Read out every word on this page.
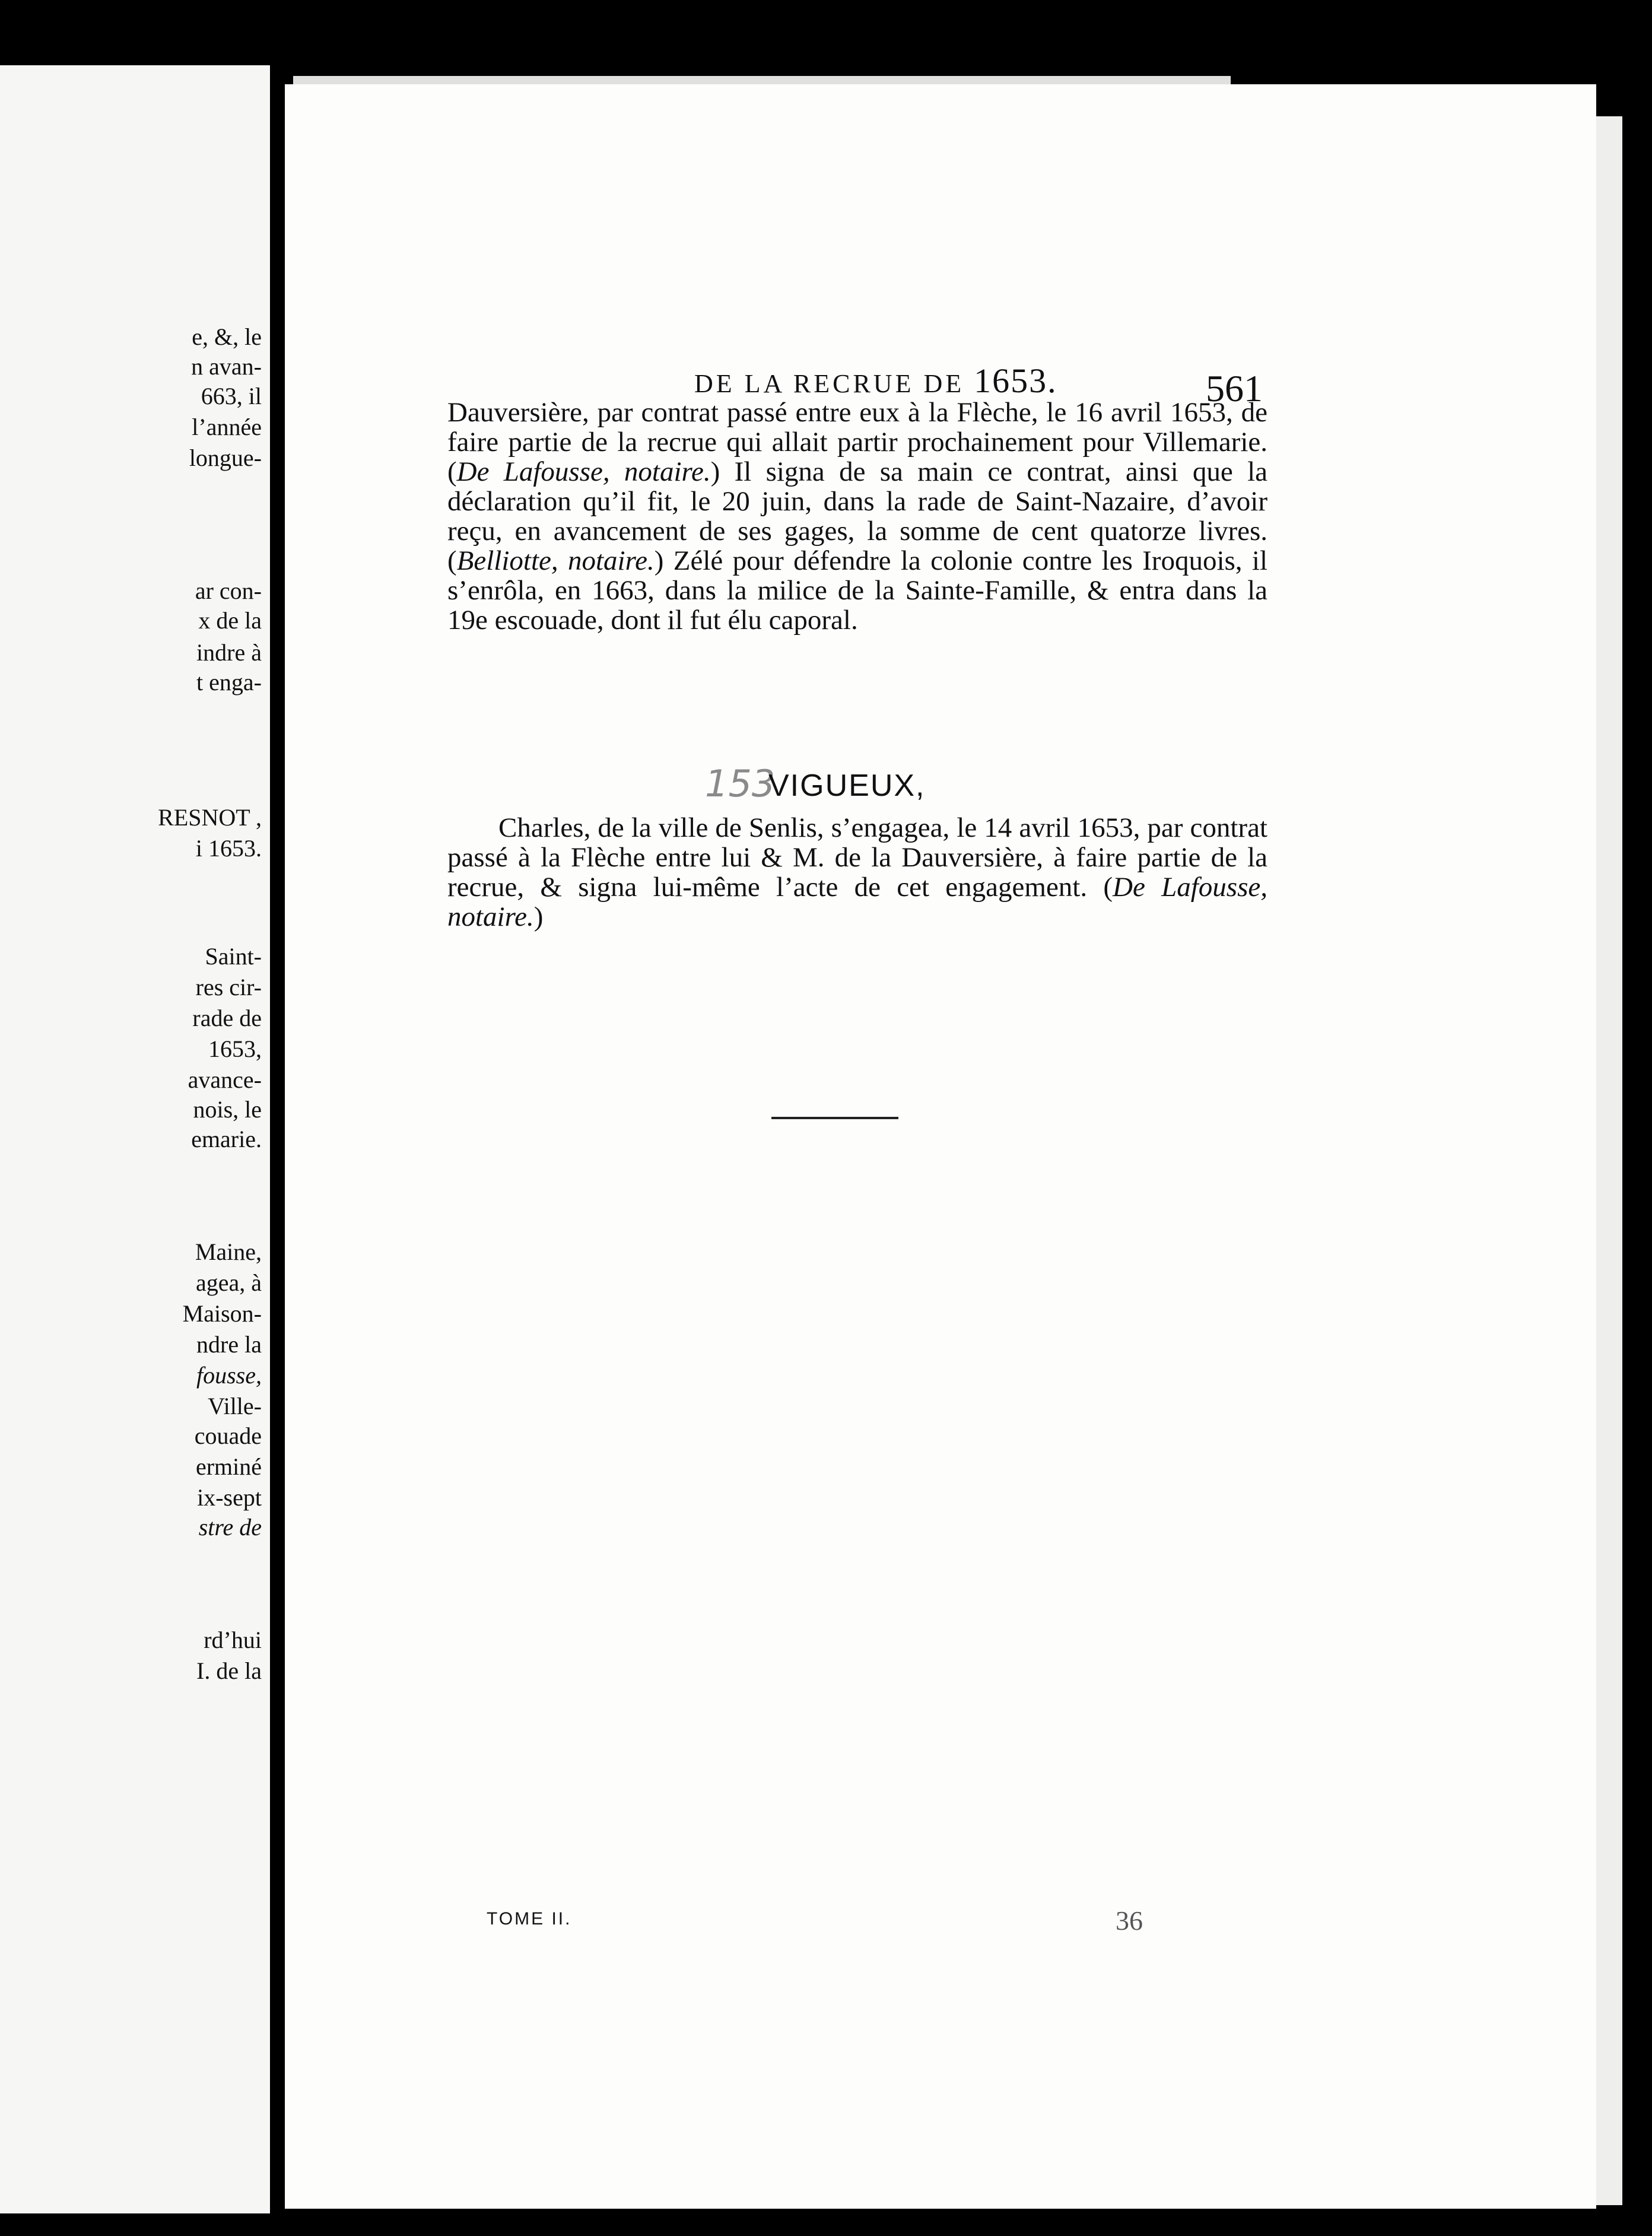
e, &, le
n avan-
663, il
l’année
longue-
ar con-
x de la
indre à
t enga-
RESNOT ,
i 1653.
Saint-
res cir-
rade de
1653,
avance-
nois, le
emarie.
Maine,
agea, à
Maison-
ndre la
fousse,
Ville-
couade
erminé
ix-sept
stre de
rd’hui
I. de la
DE LA RECRUE DE 1653.	561

Dauversière, par contrat passé entre eux à la Flèche, le 16 avril 1653, de faire partie de la recrue qui allait partir prochainement pour Villemarie. (De Lafousse, notaire.) Il signa de sa main ce contrat, ainsi que la déclaration qu’il fit, le 20 juin, dans la rade de Saint-Nazaire, d’avoir reçu, en avancement de ses gages, la somme de cent quatorze livres. (Belliotte, notaire.) Zélé pour défendre la colonie contre les Iroquois, il s’enrôla, en 1663, dans la milice de la Sainte-Famille, & entra dans la 19e escouade, dont il fut élu caporal.

153
VIGUEUX,

Charles, de la ville de Senlis, s’engagea, le 14 avril 1653, par contrat passé à la Flèche entre lui & M. de la Dauversière, à faire partie de la recrue, & signa lui-même l’acte de cet engagement. (De Lafousse, notaire.)

TOME II.	36
